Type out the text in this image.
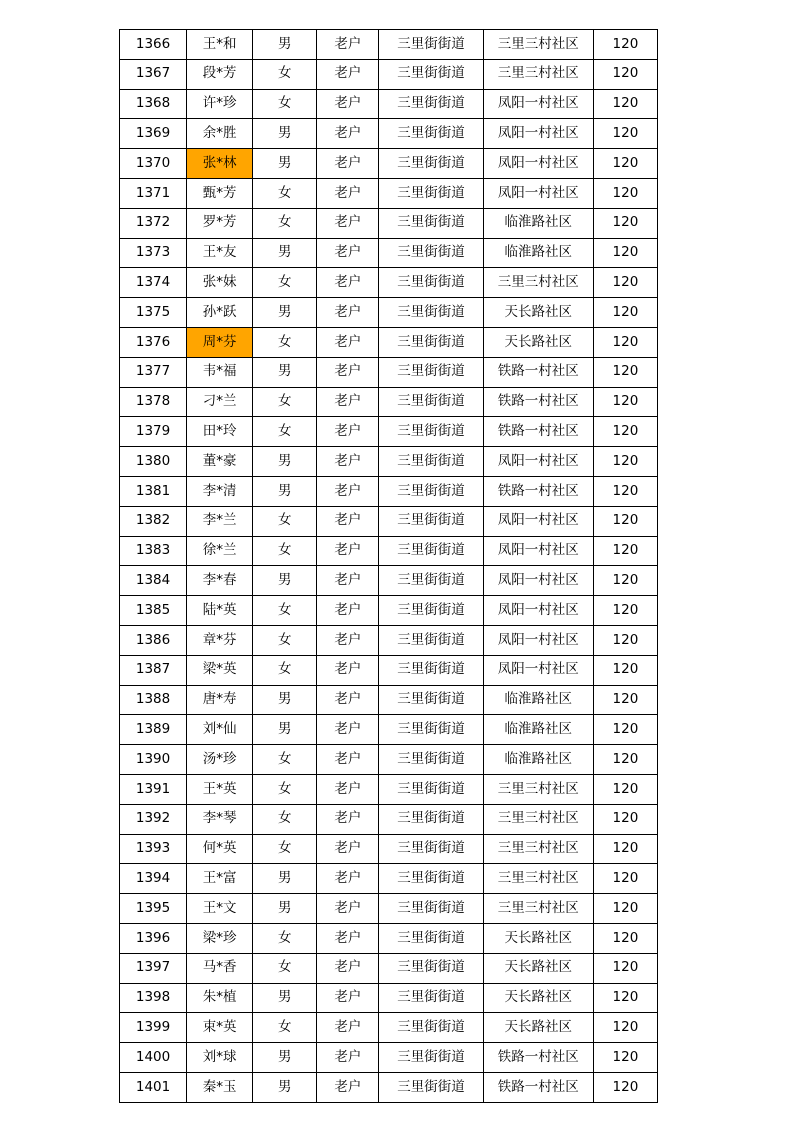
1366	王*和	男	老户	三里街街道	三里三村社区	120
1367	段*芳	女	老户	三里街街道	三里三村社区	120
1368	许*珍	女	老户	三里街街道	凤阳一村社区	120
1369	余*胜	男	老户	三里街街道	凤阳一村社区	120
1370	张*林	男	老户	三里街街道	凤阳一村社区	120
1371	甄*芳	女	老户	三里街街道	凤阳一村社区	120
1372	罗*芳	女	老户	三里街街道	临淮路社区	120
1373	王*友	男	老户	三里街街道	临淮路社区	120
1374	张*妹	女	老户	三里街街道	三里三村社区	120
1375	孙*跃	男	老户	三里街街道	天长路社区	120
1376	周*芬	女	老户	三里街街道	天长路社区	120
1377	韦*福	男	老户	三里街街道	铁路一村社区	120
1378	刁*兰	女	老户	三里街街道	铁路一村社区	120
1379	田*玲	女	老户	三里街街道	铁路一村社区	120
1380	董*豪	男	老户	三里街街道	凤阳一村社区	120
1381	李*清	男	老户	三里街街道	铁路一村社区	120
1382	李*兰	女	老户	三里街街道	凤阳一村社区	120
1383	徐*兰	女	老户	三里街街道	凤阳一村社区	120
1384	李*春	男	老户	三里街街道	凤阳一村社区	120
1385	陆*英	女	老户	三里街街道	凤阳一村社区	120
1386	章*芬	女	老户	三里街街道	凤阳一村社区	120
1387	梁*英	女	老户	三里街街道	凤阳一村社区	120
1388	唐*寿	男	老户	三里街街道	临淮路社区	120
1389	刘*仙	男	老户	三里街街道	临淮路社区	120
1390	汤*珍	女	老户	三里街街道	临淮路社区	120
1391	王*英	女	老户	三里街街道	三里三村社区	120
1392	李*琴	女	老户	三里街街道	三里三村社区	120
1393	何*英	女	老户	三里街街道	三里三村社区	120
1394	王*富	男	老户	三里街街道	三里三村社区	120
1395	王*文	男	老户	三里街街道	三里三村社区	120
1396	梁*珍	女	老户	三里街街道	天长路社区	120
1397	马*香	女	老户	三里街街道	天长路社区	120
1398	朱*植	男	老户	三里街街道	天长路社区	120
1399	束*英	女	老户	三里街街道	天长路社区	120
1400	刘*球	男	老户	三里街街道	铁路一村社区	120
1401	秦*玉	男	老户	三里街街道	铁路一村社区	120
